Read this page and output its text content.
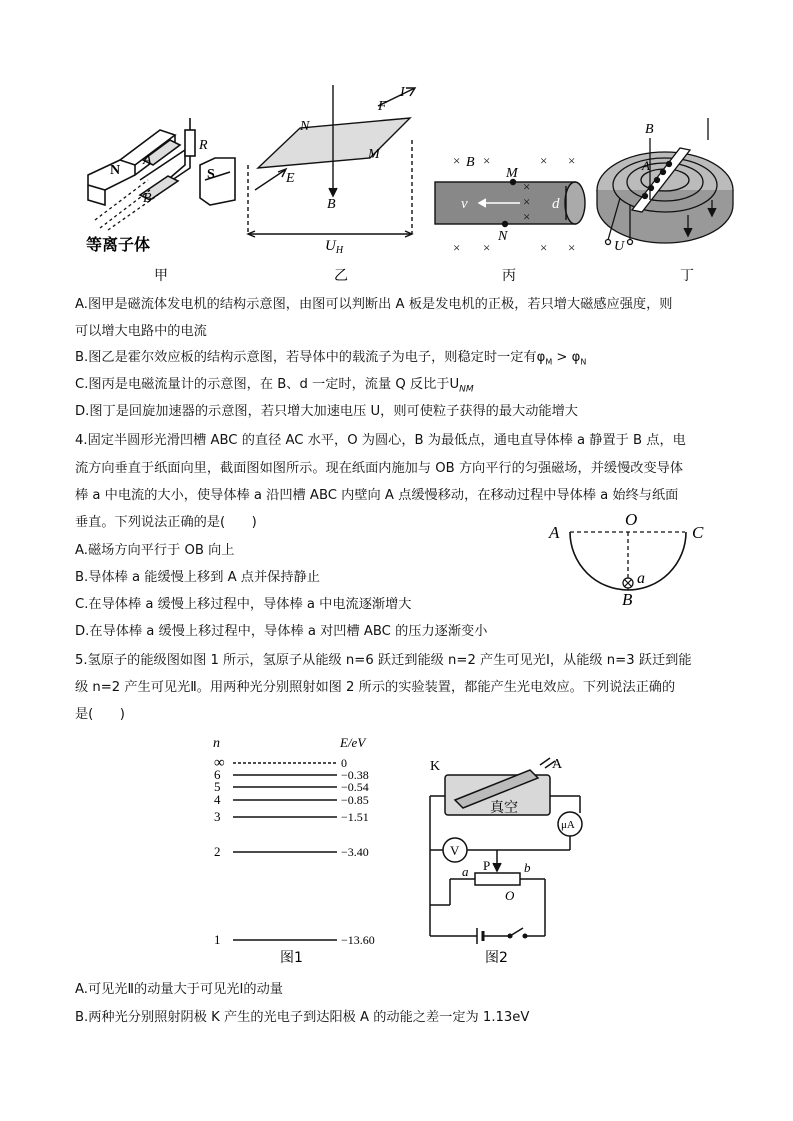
N
A
B
R
S
等离子体
I
F
N
M
E
B
$U_H$
× ×	× ×
× ×	× ×
×
×
×
B
M
N
v	d
B
A
U
甲	乙	丙	丁
A.图甲是磁流体发电机的结构示意图，由图可以判断出 A 板是发电机的正极，若只增大磁感应强度，则
可以增大电路中的电流
B.图乙是霍尔效应板的结构示意图，若导体中的载流子为电子，则稳定时一定有$\varphi_M > \varphi_N$
C.图丙是电磁流量计的示意图，在 B、d 一定时，流量 Q 反比于$U_{NM}$
D.图丁是回旋加速器的示意图，若只增大加速电压 U，则可使粒子获得的最大动能增大
4.固定半圆形光滑凹槽 ABC 的直径 AC 水平，O 为圆心，B 为最低点，通电直导体棒 a 静置于 B 点，电
流方向垂直于纸面向里，截面图如图所示。现在纸面内施加与 OB 方向平行的匀强磁场，并缓慢改变导体
棒 a 中电流的大小，使导体棒 a 沿凹槽 ABC 内壁向 A 点缓慢移动，在移动过程中导体棒 a 始终与纸面
垂直。下列说法正确的是(　　)
A.磁场方向平行于 OB 向上
B.导体棒 a 能缓慢上移到 A 点并保持静止
C.在导体棒 a 缓慢上移过程中，导体棒 a 中电流逐渐增大
D.在导体棒 a 缓慢上移过程中，导体棒 a 对凹槽 ABC 的压力逐渐变小
A
O
C
a
B
5.氢原子的能级图如图 1 所示，氢原子从能级 n=6 跃迁到能级 n=2 产生可见光Ⅰ，从能级 n=3 跃迁到能
级 n=2 产生可见光Ⅱ。用两种光分别照射如图 2 所示的实验装置，都能产生光电效应。下列说法正确的
是(　　)
n	E/eV
∞	0
6	−0.38
5	−0.54
4	−0.85
3	−1.51
2	−3.40
1	−13.60
图1
K	A
真空
μA
V
P
a	b
O
图2
A.可见光Ⅱ的动量大于可见光Ⅰ的动量
B.两种光分别照射阴极 K 产生的光电子到达阳极 A 的动能之差一定为 1.13eV
